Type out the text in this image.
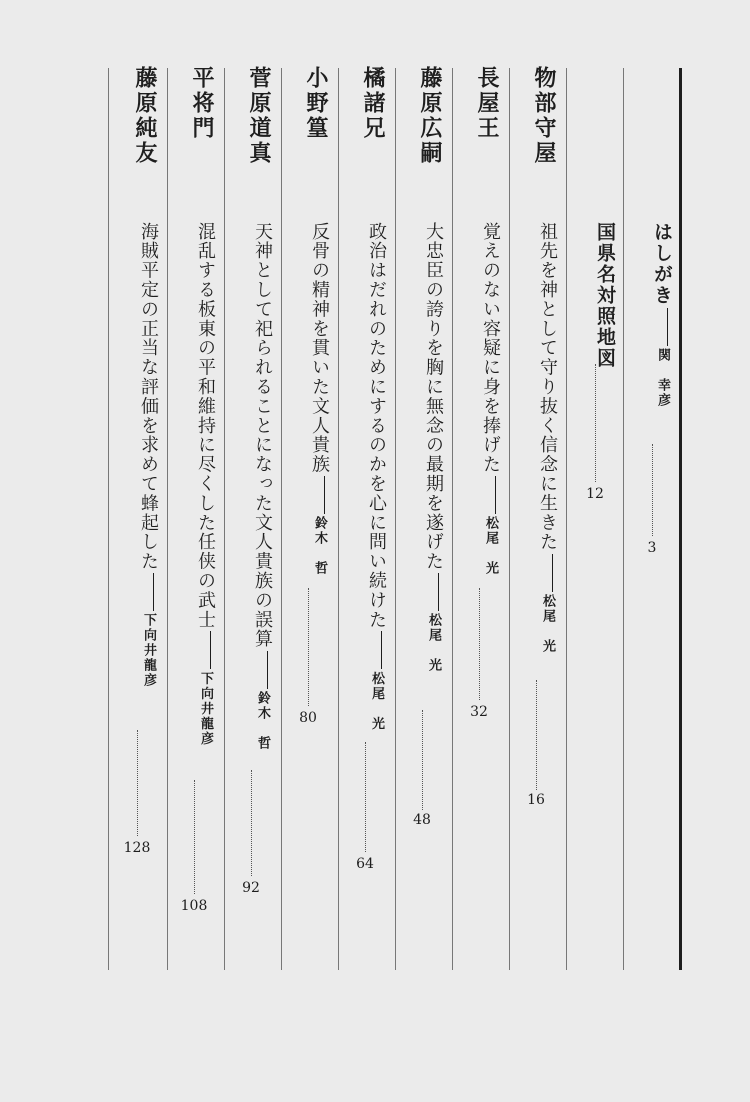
はしがき関　幸彦
3
国県名対照地図
12
物部守屋
祖先を神として守り抜く信念に生きた松尾　光
16
長屋王
覚えのない容疑に身を捧げた松尾　光
32
藤原広嗣
大忠臣の誇りを胸に無念の最期を遂げた松尾　光
48
橘諸兄
政治はだれのためにするのかを心に問い続けた松尾　光
64
小野篁
反骨の精神を貫いた文人貴族鈴木　哲
80
菅原道真
天神として祀られることになった文人貴族の誤算鈴木　哲
92
平将門
混乱する板東の平和維持に尽くした任侠の武士下向井龍彦
108
藤原純友
海賊平定の正当な評価を求めて蜂起した下向井龍彦
128
